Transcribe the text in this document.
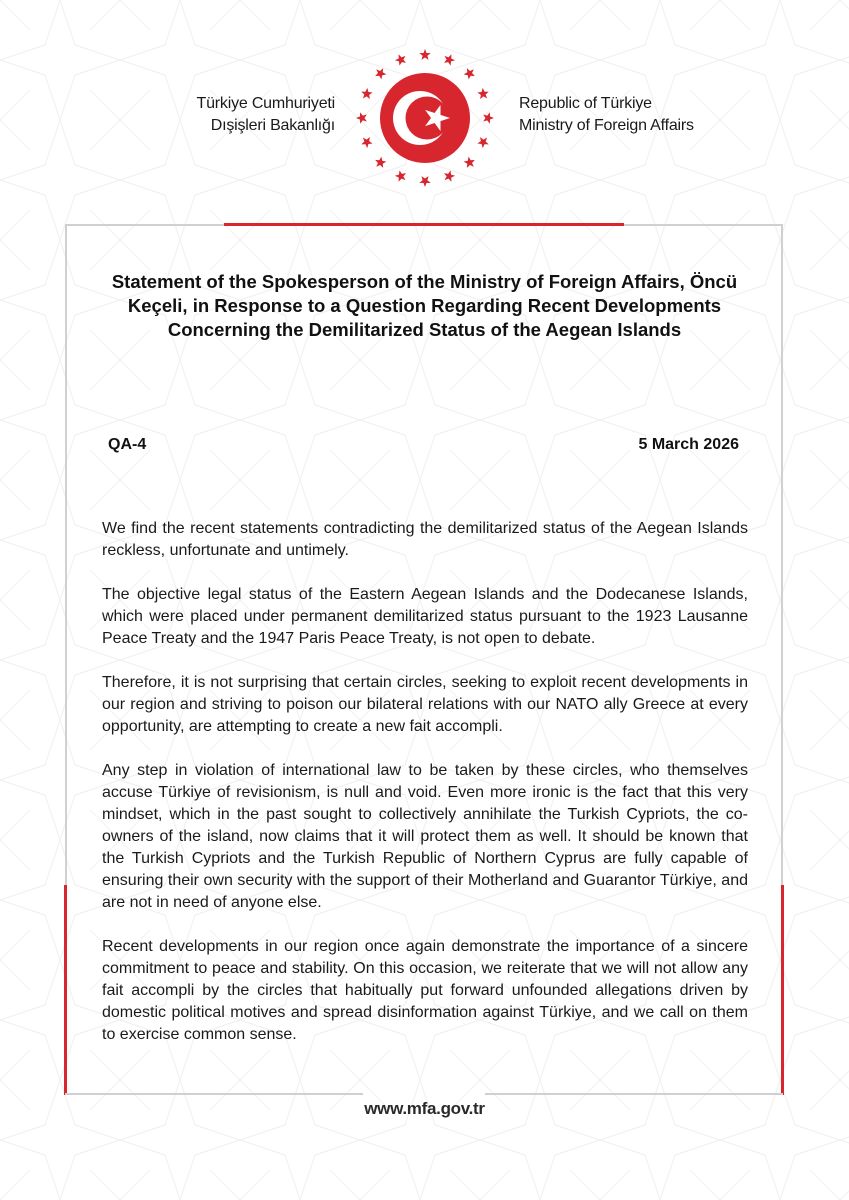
Türkiye Cumhuriyeti
Dışişleri Bakanlığı
Republic of Türkiye
Ministry of Foreign Affairs
Statement of the Spokesperson of the Ministry of Foreign Affairs, Öncü Keçeli, in Response to a Question Regarding Recent Developments Concerning the Demilitarized Status of the Aegean Islands
QA-4	5 March 2026

We find the recent statements contradicting the demilitarized status of the Aegean Islands reckless, unfortunate and untimely.

The objective legal status of the Eastern Aegean Islands and the Dodecanese Islands, which were placed under permanent demilitarized status pursuant to the 1923 Lausanne Peace Treaty and the 1947 Paris Peace Treaty, is not open to debate.

Therefore, it is not surprising that certain circles, seeking to exploit recent developments in our region and striving to poison our bilateral relations with our NATO ally Greece at every opportunity, are attempting to create a new fait accompli.

Any step in violation of international law to be taken by these circles, who themselves accuse Türkiye of revisionism, is null and void. Even more ironic is the fact that this very mindset, which in the past sought to collectively annihilate the Turkish Cypriots, the co-owners of the island, now claims that it will protect them as well. It should be known that the Turkish Cypriots and the Turkish Republic of Northern Cyprus are fully capable of ensuring their own security with the support of their Motherland and Guarantor Türkiye, and are not in need of anyone else.

Recent developments in our region once again demonstrate the importance of a sincere commitment to peace and stability. On this occasion, we reiterate that we will not allow any fait accompli by the circles that habitually put forward unfounded allegations driven by domestic political motives and spread disinformation against Türkiye, and we call on them to exercise common sense.

www.mfa.gov.tr
